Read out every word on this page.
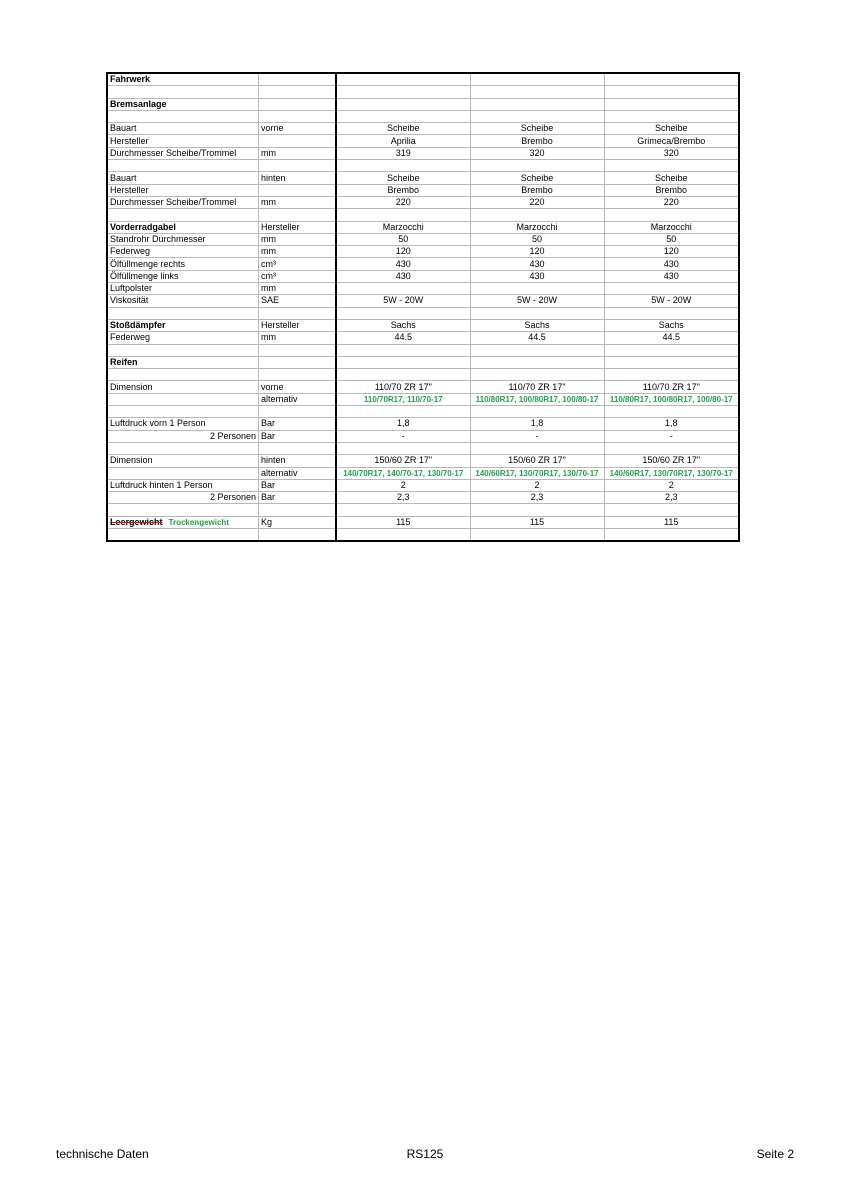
Fahrwerk				

Bremsanlage				

Bauart	vorne	Scheibe	Scheibe	Scheibe
Hersteller		Aprilia	Brembo	Grimeca/Brembo
Durchmesser Scheibe/Trommel	mm	319	320	320

Bauart	hinten	Scheibe	Scheibe	Scheibe
Hersteller		Brembo	Brembo	Brembo
Durchmesser Scheibe/Trommel	mm	220	220	220

Vorderradgabel	Hersteller	Marzocchi	Marzocchi	Marzocchi
Standrohr Durchmesser	mm	50	50	50
Federweg	mm	120	120	120
Ölfüllmenge rechts	cm³	430	430	430
Ölfüllmenge links	cm³	430	430	430
Luftpolster	mm			
Viskosität	SAE	5W - 20W	5W - 20W	5W - 20W

Stoßdämpfer	Hersteller	Sachs	Sachs	Sachs
Federweg	mm	44.5	44.5	44.5

Reifen				

Dimension	vorne	110/70 ZR 17"	110/70 ZR 17"	110/70 ZR 17"
	alternativ	110/70R17, 110/70-17	110/80R17, 100/80R17, 100/80-17	110/80R17, 100/80R17, 100/80-17

Luftdruck vorn 1 Person	Bar	1,8	1,8	1,8
2 Personen	Bar	-	-	-

Dimension	hinten	150/60 ZR 17"	150/60 ZR 17"	150/60 ZR 17"
	alternativ	140/70R17, 140/70-17, 130/70-17	140/60R17, 130/70R17, 130/70-17	140/60R17, 130/70R17, 130/70-17
Luftdruck hinten 1 Person	Bar	2	2	2
2 Personen	Bar	2,3	2,3	2,3

Leergewicht Trockengewicht	Kg	115	115	115

technische Daten	RS125	Seite 2
